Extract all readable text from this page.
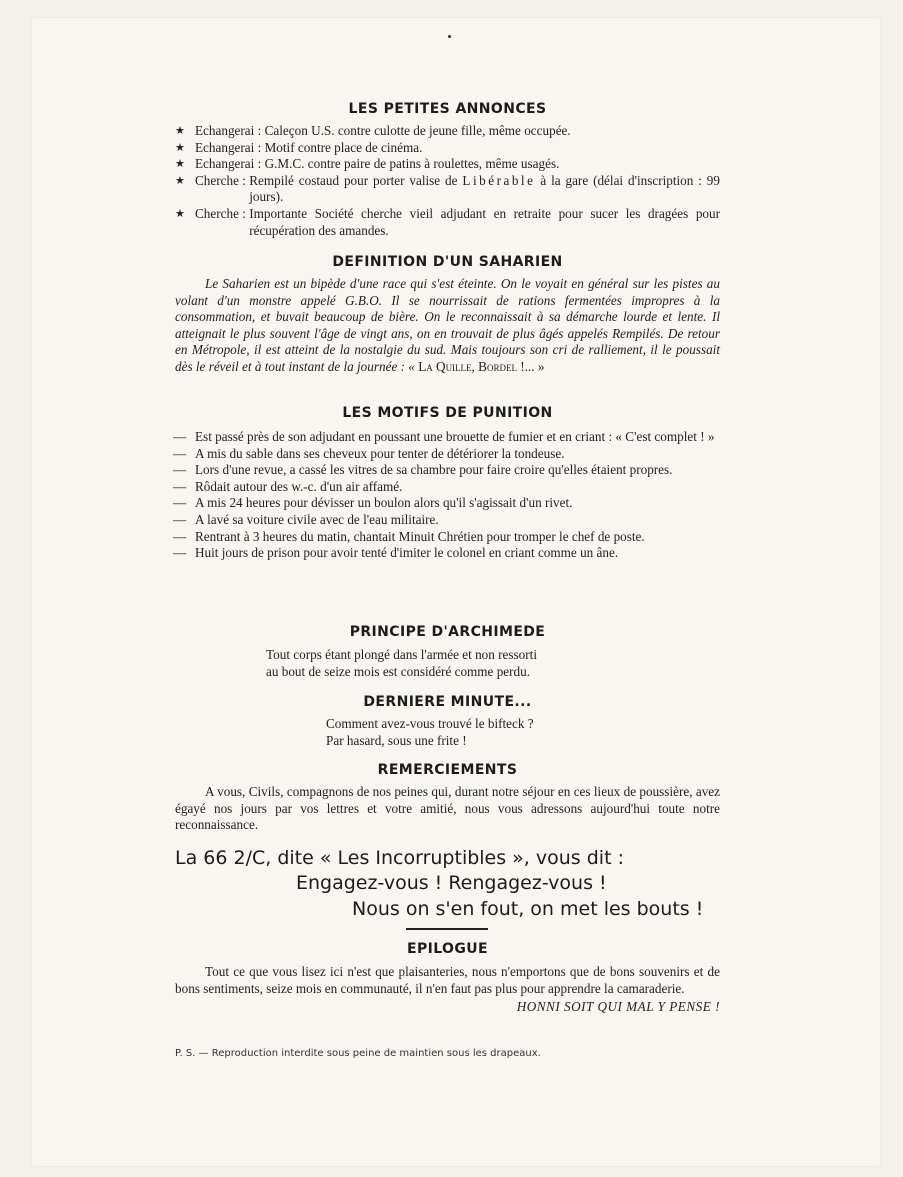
LES PETITES ANNONCES
★ Echangerai : Caleçon U.S. contre culotte de jeune fille, même occupée.
★ Echangerai : Motif contre place de cinéma.
★ Echangerai : G.M.C. contre paire de patins à roulettes, même usagés.
★ Cherche : Rempilé costaud pour porter valise de Libérable à la gare (délai d'inscription : 99 jours).
★ Cherche : Importante Société cherche vieil adjudant en retraite pour sucer les dragées pour récupération des amandes.
DEFINITION D'UN SAHARIEN

Le Saharien est un bipède d'une race qui s'est éteinte. On le voyait en général sur les pistes au volant d'un monstre appelé G.B.O. Il se nourrissait de rations fermentées impropres à la consommation, et buvait beaucoup de bière. On le reconnaissait à sa démarche lourde et lente. Il atteignait le plus souvent l'âge de vingt ans, on en trouvait de plus âgés appelés Rempilés. De retour en Métropole, il est atteint de la nostalgie du sud. Mais toujours son cri de ralliement, il le poussait dès le réveil et à tout instant de la journée : « La Quille, Bordel !... »

LES MOTIFS DE PUNITION
— Est passé près de son adjudant en poussant une brouette de fumier et en criant : « C'est complet ! »
— A mis du sable dans ses cheveux pour tenter de détériorer la tondeuse.
— Lors d'une revue, a cassé les vitres de sa chambre pour faire croire qu'elles étaient propres.
— Rôdait autour des w.-c. d'un air affamé.
— A mis 24 heures pour dévisser un boulon alors qu'il s'agissait d'un rivet.
— A lavé sa voiture civile avec de l'eau militaire.
— Rentrant à 3 heures du matin, chantait Minuit Chrétien pour tromper le chef de poste.
— Huit jours de prison pour avoir tenté d'imiter le colonel en criant comme un âne.
PRINCIPE D'ARCHIMEDE
Tout corps étant plongé dans l'armée et non ressorti
au bout de seize mois est considéré comme perdu.
DERNIERE MINUTE...
Comment avez-vous trouvé le bifteck ?
Par hasard, sous une frite !
REMERCIEMENTS

A vous, Civils, compagnons de nos peines qui, durant notre séjour en ces lieux de poussière, avez égayé nos jours par vos lettres et votre amitié, nous vous adressons aujourd'hui toute notre reconnaissance.

EPILOGUE

Tout ce que vous lisez ici n'est que plaisanteries, nous n'emportons que de bons souvenirs et de bons sentiments, seize mois en communauté, il n'en faut pas plus pour apprendre la camaraderie.

HONNI SOIT QUI MAL Y PENSE !
La 66 2/C, dite « Les Incorruptibles », vous dit :
Engagez-vous ! Rengagez-vous !
Nous on s'en fout, on met les bouts !
P. S. — Reproduction interdite sous peine de maintien sous les drapeaux.
